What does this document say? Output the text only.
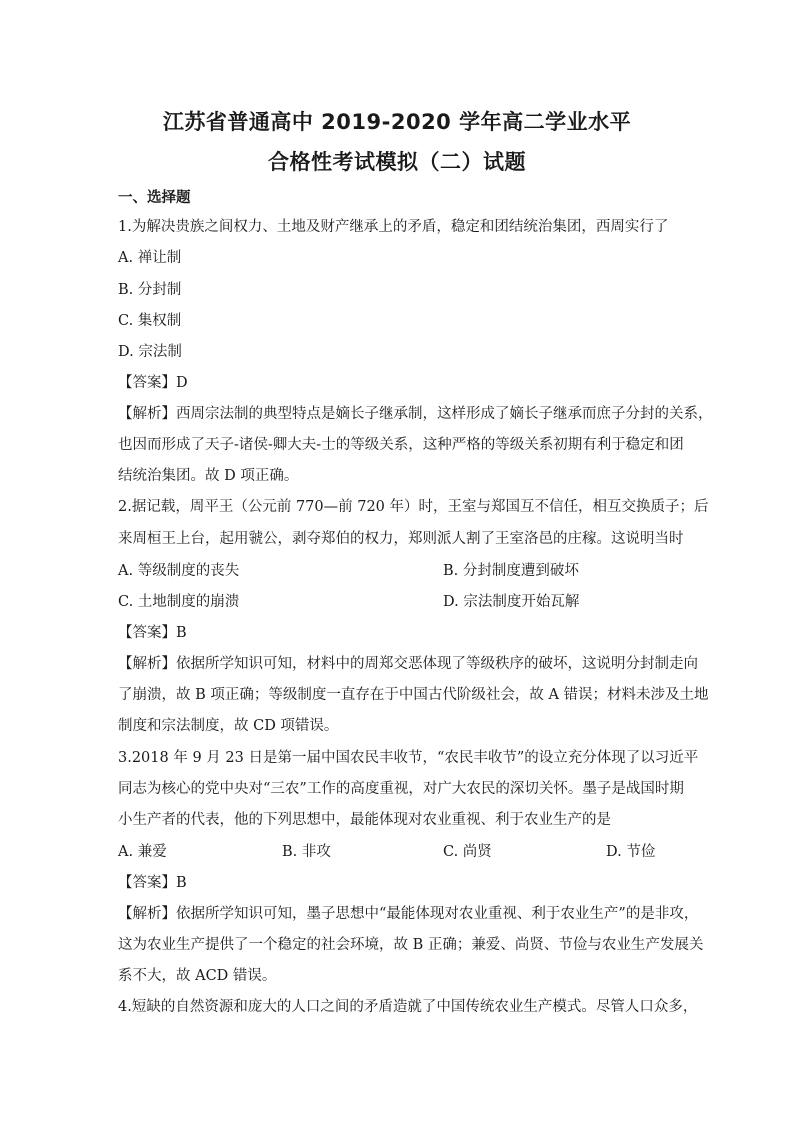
江苏省普通高中 2019-2020 学年高二学业水平
合格性考试模拟（二）试题
一、选择题
1.为解决贵族之间权力、土地及财产继承上的矛盾，稳定和团结统治集团，西周实行了
A. 禅让制
B. 分封制
C. 集权制
D. 宗法制
【答案】D
【解析】西周宗法制的典型特点是嫡长子继承制，这样形成了嫡长子继承而庶子分封的关系，
也因而形成了天子-诸侯-卿大夫-士的等级关系，这种严格的等级关系初期有利于稳定和团
结统治集团。故 D 项正确。
2.据记载，周平王（公元前 770—前 720 年）时，王室与郑国互不信任，相互交换质子；后
来周桓王上台，起用虢公，剥夺郑伯的权力，郑则派人割了王室洛邑的庄稼。这说明当时
A. 等级制度的丧失	B. 分封制度遭到破坏
C. 土地制度的崩溃	D. 宗法制度开始瓦解
【答案】B
【解析】依据所学知识可知，材料中的周郑交恶体现了等级秩序的破坏，这说明分封制走向
了崩溃，故 B 项正确；等级制度一直存在于中国古代阶级社会，故 A 错误；材料未涉及土地
制度和宗法制度，故 CD 项错误。
3.2018 年 9 月 23 日是第一届中国农民丰收节，“农民丰收节”的设立充分体现了以习近平
同志为核心的党中央对“三农”工作的高度重视，对广大农民的深切关怀。墨子是战国时期
小生产者的代表，他的下列思想中，最能体现对农业重视、利于农业生产的是
A. 兼爱	B. 非攻	C. 尚贤	D. 节俭
【答案】B
【解析】依据所学知识可知，墨子思想中“最能体现对农业重视、利于农业生产”的是非攻，
这为农业生产提供了一个稳定的社会环境，故 B 正确；兼爱、尚贤、节俭与农业生产发展关
系不大，故 ACD 错误。
4.短缺的自然资源和庞大的人口之间的矛盾造就了中国传统农业生产模式。尽管人口众多，
